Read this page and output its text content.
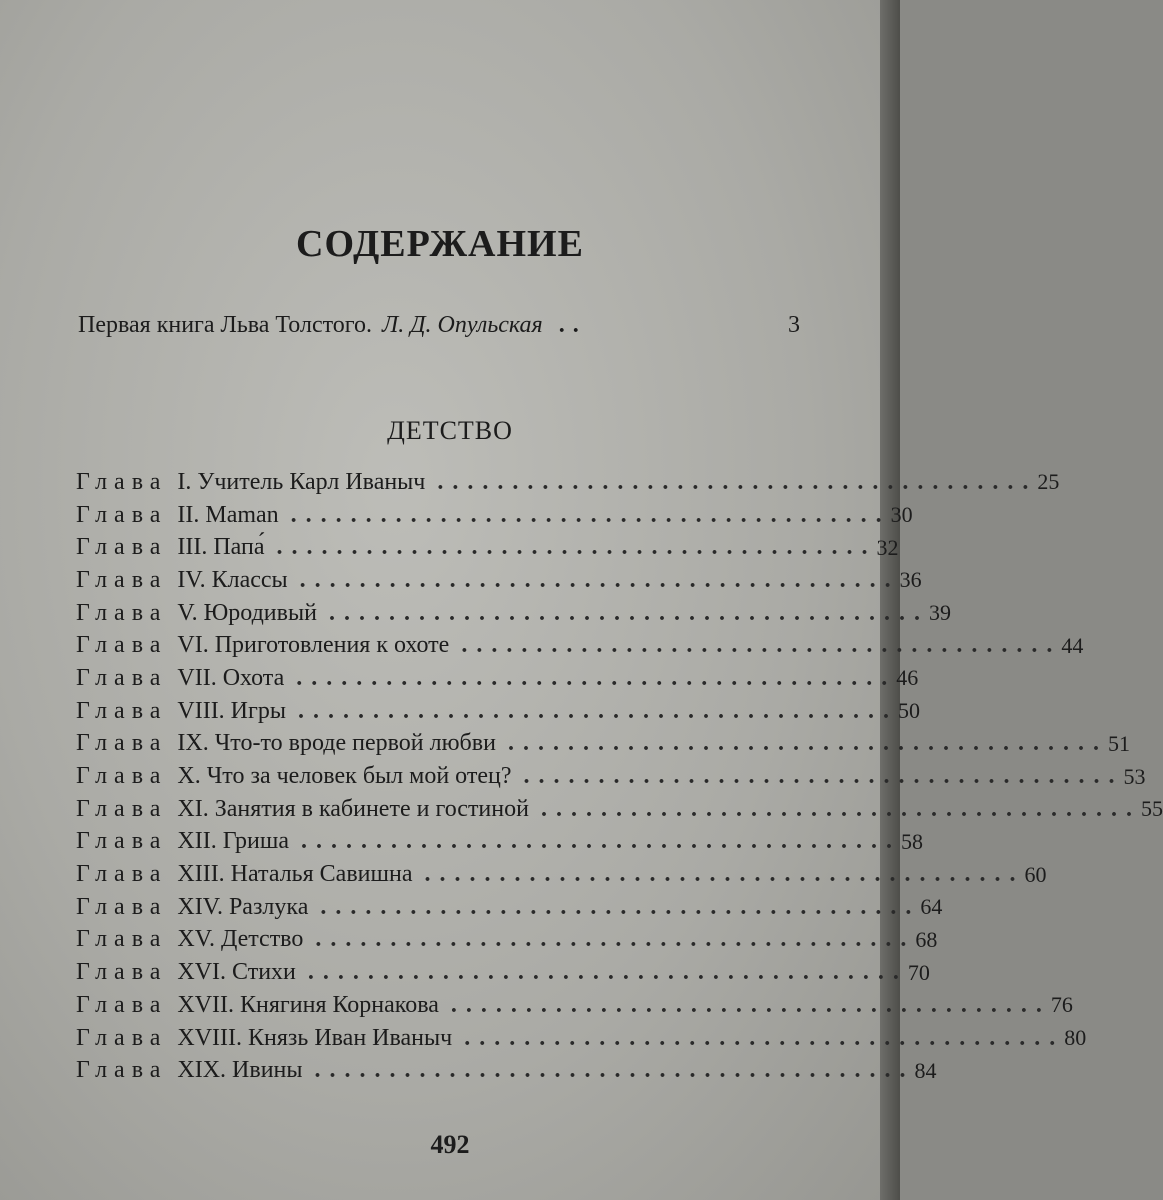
СОДЕРЖАНИЕ
Первая книга Льва Толстого. Л. Д. Опульская ..	3
ДЕТСТВО
Глава I. Учитель Карл Иваныч ........................................ 25
Глава II. Maman ........................................ 30
Глава III. Папа́ ........................................ 32
Глава IV. Классы ........................................ 36
Глава V. Юродивый ........................................ 39
Глава VI. Приготовления к охоте ........................................ 44
Глава VII. Охота ........................................ 46
Глава VIII. Игры ........................................ 50
Глава IX. Что-то вроде первой любви ........................................ 51
Глава X. Что за человек был мой отец? ........................................ 53
Глава XI. Занятия в кабинете и гостиной ........................................ 55
Глава XII. Гриша ........................................ 58
Глава XIII. Наталья Савишна ........................................ 60
Глава XIV. Разлука ........................................ 64
Глава XV. Детство ........................................ 68
Глава XVI. Стихи ........................................ 70
Глава XVII. Княгиня Корнакова ........................................ 76
Глава XVIII. Князь Иван Иваныч ........................................ 80
Глава XIX. Ивины ........................................ 84
492
